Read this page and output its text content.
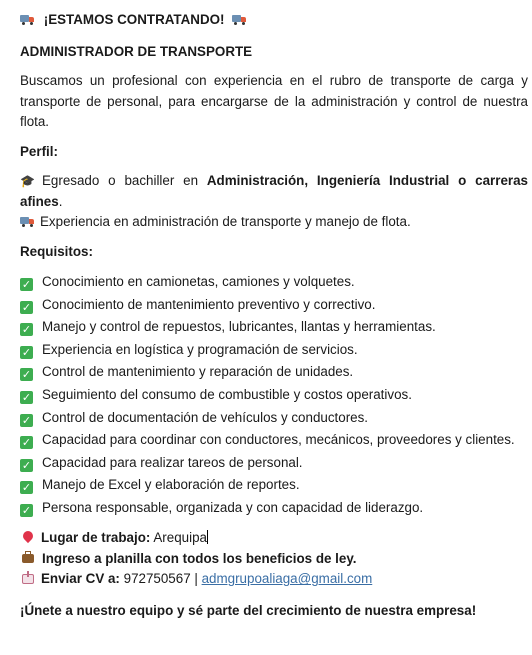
¡ESTAMOS CONTRATANDO!

ADMINISTRADOR DE TRANSPORTE

Buscamos un profesional con experiencia en el rubro de transporte de carga y transporte de personal, para encargarse de la administración y control de nuestra flota.

Perfil:

🎓 Egresado o bachiller en Administración, Ingeniería Industrial o carreras afines.

Experiencia en administración de transporte y manejo de flota.

Requisitos:

✓ Conocimiento en camionetas, camiones y volquetes.

✓ Conocimiento de mantenimiento preventivo y correctivo.

✓ Manejo y control de repuestos, lubricantes, llantas y herramientas.

✓ Experiencia en logística y programación de servicios.

✓ Control de mantenimiento y reparación de unidades.

✓ Seguimiento del consumo de combustible y costos operativos.

✓ Control de documentación de vehículos y conductores.

✓ Capacidad para coordinar con conductores, mecánicos, proveedores y clientes.

✓ Capacidad para realizar tareos de personal.

✓ Manejo de Excel y elaboración de reportes.

✓ Persona responsable, organizada y con capacidad de liderazgo.

Lugar de trabajo: Arequipa

Ingreso a planilla con todos los beneficios de ley.

Enviar CV a: 972750567 | admgrupoaliaga@gmail.com

¡Únete a nuestro equipo y sé parte del crecimiento de nuestra empresa!
